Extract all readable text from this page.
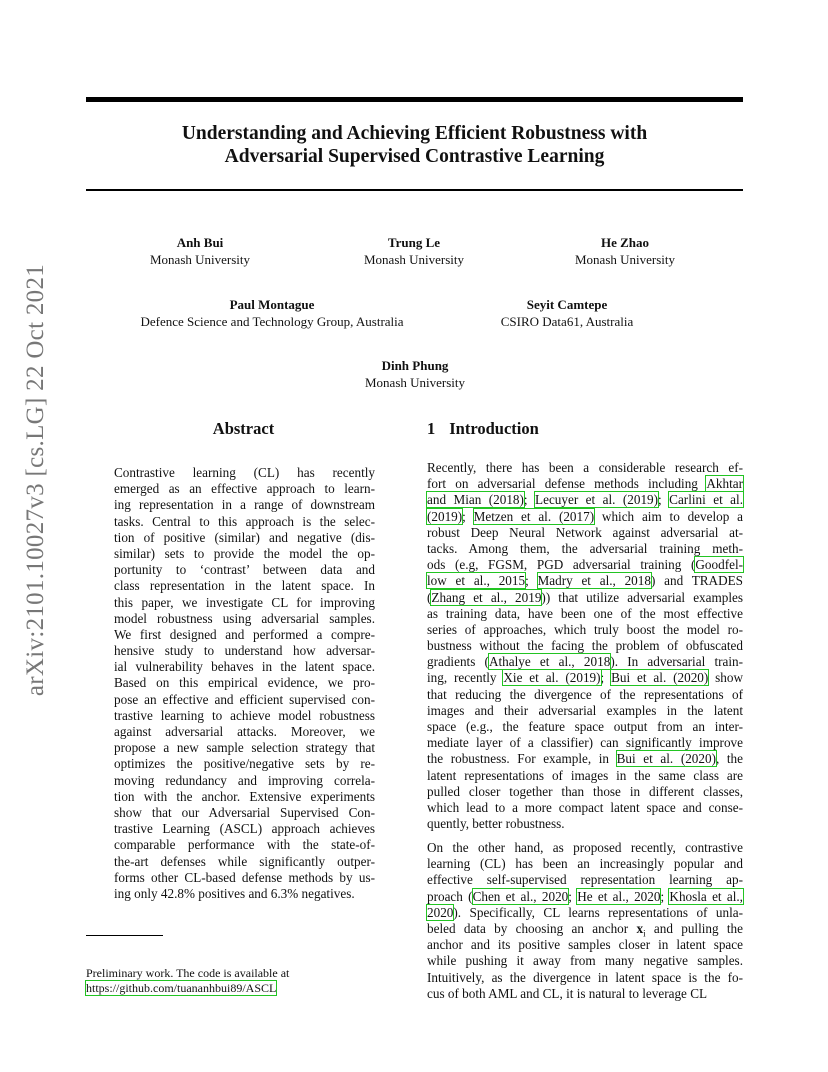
Understanding and Achieving Efficient Robustness with
Adversarial Supervised Contrastive Learning
arXiv:2101.10027v3 [cs.LG] 22 Oct 2021
Anh Bui
Monash University
Trung Le
Monash University
He Zhao
Monash University
Paul Montague
Defence Science and Technology Group, Australia
Seyit Camtepe
CSIRO Data61, Australia
Dinh Phung
Monash University
Abstract
Contrastive learning (CL) has recently
emerged as an effective approach to learn-
ing representation in a range of downstream
tasks. Central to this approach is the selec-
tion of positive (similar) and negative (dis-
similar) sets to provide the model the op-
portunity to ‘contrast’ between data and
class representation in the latent space. In
this paper, we investigate CL for improving
model robustness using adversarial samples.
We first designed and performed a compre-
hensive study to understand how adversar-
ial vulnerability behaves in the latent space.
Based on this empirical evidence, we pro-
pose an effective and efficient supervised con-
trastive learning to achieve model robustness
against adversarial attacks. Moreover, we
propose a new sample selection strategy that
optimizes the positive/negative sets by re-
moving redundancy and improving correla-
tion with the anchor. Extensive experiments
show that our Adversarial Supervised Con-
trastive Learning (ASCL) approach achieves
comparable performance with the state-of-
the-art defenses while significantly outper-
forms other CL-based defense methods by us-
ing only 42.8% positives and 6.3% negatives.
1 Introduction
Recently, there has been a considerable research ef-
fort on adversarial defense methods including Akhtar
and Mian (2018); Lecuyer et al. (2019); Carlini et al.
(2019); Metzen et al. (2017) which aim to develop a
robust Deep Neural Network against adversarial at-
tacks. Among them, the adversarial training meth-
ods (e.g, FGSM, PGD adversarial training (Goodfel-
low et al., 2015; Madry et al., 2018) and TRADES
(Zhang et al., 2019)) that utilize adversarial examples
as training data, have been one of the most effective
series of approaches, which truly boost the model ro-
bustness without the facing the problem of obfuscated
gradients (Athalye et al., 2018). In adversarial train-
ing, recently Xie et al. (2019); Bui et al. (2020) show
that reducing the divergence of the representations of
images and their adversarial examples in the latent
space (e.g., the feature space output from an inter-
mediate layer of a classifier) can significantly improve
the robustness. For example, in Bui et al. (2020), the
latent representations of images in the same class are
pulled closer together than those in different classes,
which lead to a more compact latent space and conse-
quently, better robustness.
On the other hand, as proposed recently, contrastive
learning (CL) has been an increasingly popular and
effective self-supervised representation learning ap-
proach (Chen et al., 2020; He et al., 2020; Khosla et al.,
2020). Specifically, CL learns representations of unla-
beled data by choosing an anchor $x_i$ and pulling the
anchor and its positive samples closer in latent space
while pushing it away from many negative samples.
Intuitively, as the divergence in latent space is the fo-
cus of both AML and CL, it is natural to leverage CL
Preliminary work. The code is available at
https://github.com/tuananhbui89/ASCL
